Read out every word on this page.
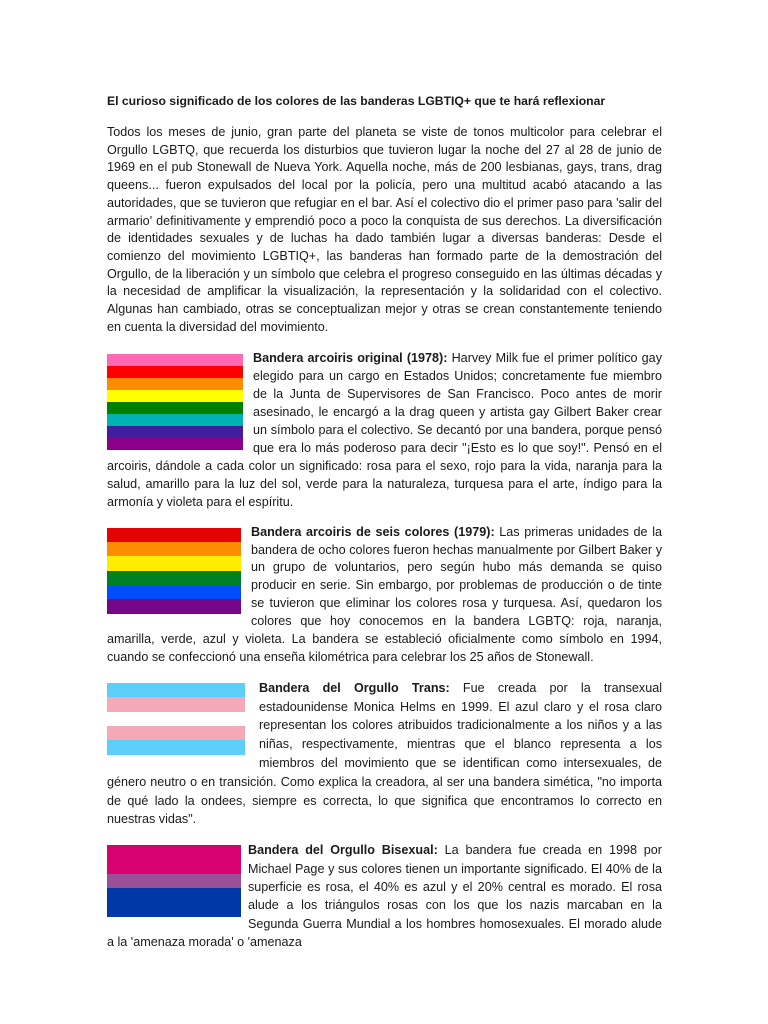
El curioso significado de los colores de las banderas LGBTIQ+ que te hará reflexionar

Todos los meses de junio, gran parte del planeta se viste de tonos multicolor para celebrar el Orgullo LGBTQ, que recuerda los disturbios que tuvieron lugar la noche del 27 al 28 de junio de 1969 en el pub Stonewall de Nueva York. Aquella noche, más de 200 lesbianas, gays, trans, drag queens... fueron expulsados del local por la policía, pero una multitud acabó atacando a las autoridades, que se tuvieron que refugiar en el bar. Así el colectivo dio el primer paso para 'salir del armario' definitivamente y emprendió poco a poco la conquista de sus derechos. La diversificación de identidades sexuales y de luchas ha dado también lugar a diversas banderas: Desde el comienzo del movimiento LGBTIQ+, las banderas han formado parte de la demostración del Orgullo, de la liberación y un símbolo que celebra el progreso conseguido en las últimas décadas y la necesidad de amplificar la visualización, la representación y la solidaridad con el colectivo. Algunas han cambiado, otras se conceptualizan mejor y otras se crean constantemente teniendo en cuenta la diversidad del movimiento.

Bandera arcoiris original (1978): Harvey Milk fue el primer político gay elegido para un cargo en Estados Unidos; concretamente fue miembro de la Junta de Supervisores de San Francisco. Poco antes de morir asesinado, le encargó a la drag queen y artista gay Gilbert Baker crear un símbolo para el colectivo. Se decantó por una bandera, porque pensó que era lo más poderoso para decir "¡Esto es lo que soy!". Pensó en el arcoiris, dándole a cada color un significado: rosa para el sexo, rojo para la vida, naranja para la salud, amarillo para la luz del sol, verde para la naturaleza, turquesa para el arte, índigo para la armonía y violeta para el espíritu.
Bandera arcoiris de seis colores (1979): Las primeras unidades de la bandera de ocho colores fueron hechas manualmente por Gilbert Baker y un grupo de voluntarios, pero según hubo más demanda se quiso producir en serie. Sin embargo, por problemas de producción o de tinte se tuvieron que eliminar los colores rosa y turquesa. Así, quedaron los colores que hoy conocemos en la bandera LGBTQ: roja, naranja, amarilla, verde, azul y violeta. La bandera se estableció oficialmente como símbolo en 1994, cuando se confeccionó una enseña kilométrica para celebrar los 25 años de Stonewall.
Bandera del Orgullo Trans: Fue creada por la transexual estadounidense Monica Helms en 1999. El azul claro y el rosa claro representan los colores atribuidos tradicionalmente a los niños y a las niñas, respectivamente, mientras que el blanco representa a los miembros del movimiento que se identifican como intersexuales, de género neutro o en transición. Como explica la creadora, al ser una bandera simética, "no importa de qué lado la ondees, siempre es correcta, lo que significa que encontramos lo correcto en nuestras vidas".
Bandera del Orgullo Bisexual: La bandera fue creada en 1998 por Michael Page y sus colores tienen un importante significado. El 40% de la superficie es rosa, el 40% es azul y el 20% central es morado. El rosa alude a los triángulos rosas con los que los nazis marcaban en la Segunda Guerra Mundial a los hombres homosexuales. El morado alude a la 'amenaza morada' o 'amenaza
